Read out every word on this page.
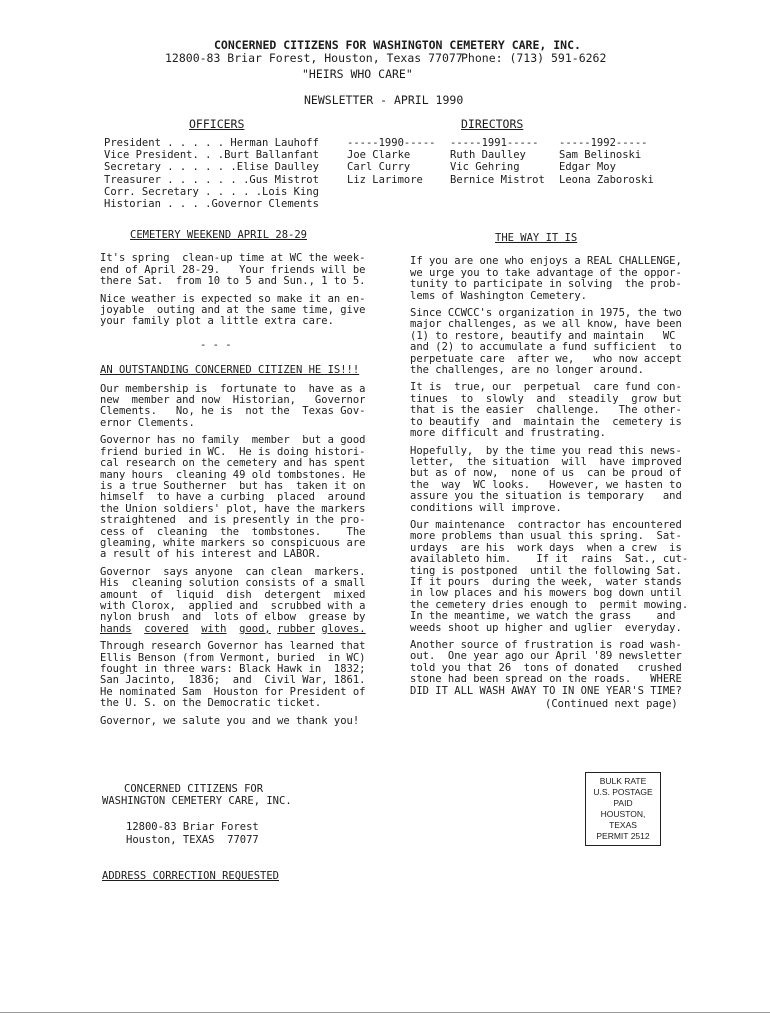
CONCERNED CITIZENS FOR WASHINGTON CEMETERY CARE, INC.
12800-83 Briar Forest, Houston, Texas 77077
Phone: (713) 591-6262
"HEIRS WHO CARE"
NEWSLETTER - APRIL 1990
OFFICERS
President . . . . . Herman Lauhoff
Vice President. . .Burt Ballanfant
Secretary . . . . . .Elise Daulley
Treasurer . . . . . . .Gus Mistrot
Corr. Secretary . . . . .Lois King
Historian . . . .Governor Clements
DIRECTORS
-----1990-----
Joe Clarke
Carl Curry
Liz Larimore
-----1991-----
Ruth Daulley
Vic Gehring
Bernice Mistrot
-----1992-----
Sam Belinoski
Edgar Moy
Leona Zaboroski
CEMETERY WEEKEND APRIL 28-29
It's spring  clean-up time at WC the week-
end of April 28-29.   Your friends will be
there Sat.  from 10 to 5 and Sun., 1 to 5.
Nice weather is expected so make it an en-
joyable  outing and at the same time, give
your family plot a little extra care.
- - -
AN OUTSTANDING CONCERNED CITIZEN HE IS!!!
Our membership is  fortunate to  have as a
new  member and now  Historian,   Governor
Clements.   No, he is  not the  Texas Gov-
ernor Clements.
Governor has no family  member  but a good
friend buried in WC.  He is doing histori-
cal research on the cemetery and has spent
many hours  cleaning 49 old tombstones. He
is a true Southerner  but has  taken it on
himself  to have a curbing  placed  around
the Union soldiers' plot, have the markers
straightened  and is presently in the pro-
cess of  cleaning  the  tombstones.    The
gleaming, white markers so conspicuous are
a result of his interest and LABOR.
Governor  says anyone  can clean  markers.
His  cleaning solution consists of a small
amount  of  liquid  dish  detergent  mixed
with Clorox,  applied and  scrubbed with a
nylon brush  and  lots of elbow  grease by
hands covered with good, rubber gloves.
Through research Governor has learned that
Ellis Benson (from Vermont, buried  in WC)
fought in three wars: Black Hawk in  1832;
San Jacinto,  1836;  and  Civil War, 1861.
He nominated Sam  Houston for President of
the U. S. on the Democratic ticket.
Governor, we salute you and we thank you!
THE WAY IT IS
If you are one who enjoys a REAL CHALLENGE,
we urge you to take advantage of the oppor-
tunity to participate in solving  the prob-
lems of Washington Cemetery.
Since CCWCC's organization in 1975, the two
major challenges, as we all know, have been
(1) to restore, beautify and maintain   WC
and (2) to accumulate a fund sufficient  to
perpetuate care  after we,   who now accept
the challenges, are no longer around.
It is  true, our  perpetual  care fund con-
tinues  to  slowly  and  steadily  grow but
that is the easier  challenge.   The other-
to beautify  and  maintain the  cemetery is
more difficult and frustrating.
Hopefully,  by the time you read this news-
letter,  the situation  will  have improved
but as of now,  none of us  can be proud of
the  way  WC looks.   However, we hasten to
assure you the situation is temporary   and
conditions will improve.
Our maintenance  contractor has encountered
more problems than usual this spring.  Sat-
urdays  are his  work days  when a crew  is
availableto him.    If it  rains  Sat., cut-
ting is postponed  until the following Sat.
If it pours  during the week,  water stands
in low places and his mowers bog down until
the cemetery dries enough to  permit mowing.
In the meantime, we watch the grass    and
weeds shoot up higher and uglier  everyday.
Another source of frustration is road wash-
out.  One year ago our April '89 newsletter
told you that 26  tons of donated   crushed
stone had been spread on the roads.   WHERE
DID IT ALL WASH AWAY TO IN ONE YEAR'S TIME?
(Continued next page)
CONCERNED CITIZENS FOR
WASHINGTON CEMETERY CARE, INC.
12800-83 Briar Forest
Houston, TEXAS  77077
ADDRESS CORRECTION REQUESTED
BULK RATE
U.S. POSTAGE
PAID
HOUSTON, TEXAS
PERMIT 2512
